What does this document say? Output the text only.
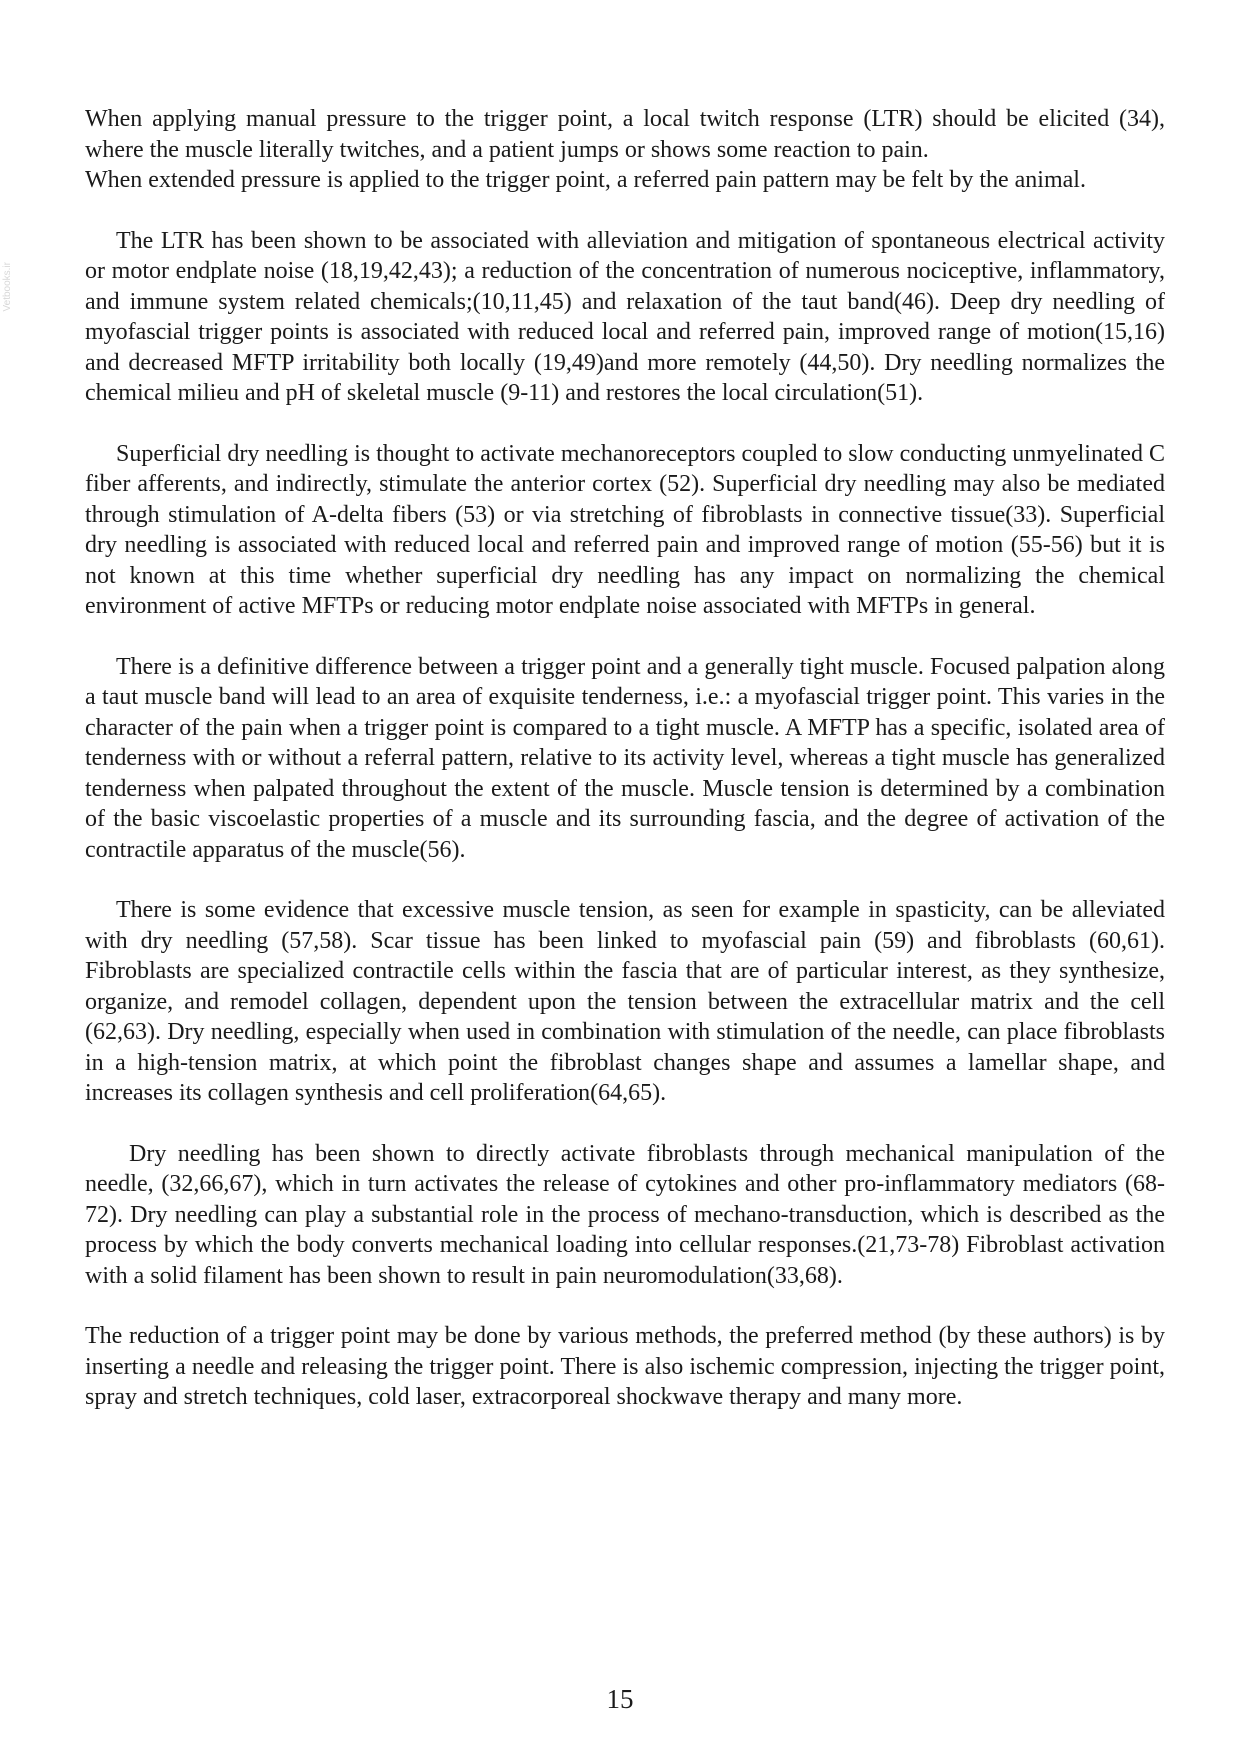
Vetbooks.ir

When applying manual pressure to the trigger point, a local twitch response (LTR) should be elicited (34), where the muscle literally twitches, and a patient jumps or shows some reaction to pain.
When extended pressure is applied to the trigger point, a referred pain pattern may be felt by the animal.

The LTR has been shown to be associated with alleviation and mitigation of spontaneous electrical activity or motor endplate noise (18,19,42,43); a reduction of the concentration of numerous nociceptive, inflammatory, and immune system related chemicals;(10,11,45) and relaxation of the taut band(46). Deep dry needling of myofascial trigger points is associated with reduced local and referred pain, improved range of motion(15,16) and decreased MFTP irritability both locally (19,49)and more remotely (44,50). Dry needling normalizes the chemical milieu and pH of skeletal muscle (9-11) and restores the local circulation(51).

Superficial dry needling is thought to activate mechanoreceptors coupled to slow conducting unmyelinated C fiber afferents, and indirectly, stimulate the anterior cortex (52). Superficial dry needling may also be mediated through stimulation of A-delta fibers (53) or via stretching of fibroblasts in connective tissue(33). Superficial dry needling is associated with reduced local and referred pain and improved range of motion (55-56) but it is not known at this time whether superficial dry needling has any impact on normalizing the chemical environment of active MFTPs or reducing motor endplate noise associated with MFTPs in general.

There is a definitive difference between a trigger point and a generally tight muscle. Focused palpation along a taut muscle band will lead to an area of exquisite tenderness, i.e.: a myofascial trigger point. This varies in the character of the pain when a trigger point is compared to a tight muscle. A MFTP has a specific, isolated area of tenderness with or without a referral pattern, relative to its activity level, whereas a tight muscle has generalized tenderness when palpated throughout the extent of the muscle. Muscle tension is determined by a combination of the basic viscoelastic properties of a muscle and its surrounding fascia, and the degree of activation of the contractile apparatus of the muscle(56).

There is some evidence that excessive muscle tension, as seen for example in spasticity, can be alleviated with dry needling (57,58). Scar tissue has been linked to myofascial pain (59) and fibroblasts (60,61). Fibroblasts are specialized contractile cells within the fascia that are of particular interest, as they synthesize, organize, and remodel collagen, dependent upon the tension between the extracellular matrix and the cell (62,63). Dry needling, especially when used in combination with stimulation of the needle, can place fibroblasts in a high-tension matrix, at which point the fibroblast changes shape and assumes a lamellar shape, and increases its collagen synthesis and cell proliferation(64,65).

Dry needling has been shown to directly activate fibroblasts through mechanical manipulation of the needle, (32,66,67), which in turn activates the release of cytokines and other pro-inflammatory mediators (68-72). Dry needling can play a substantial role in the process of mechano-transduction, which is described as the process by which the body converts mechanical loading into cellular responses.(21,73-78) Fibroblast activation with a solid filament has been shown to result in pain neuromodulation(33,68).

The reduction of a trigger point may be done by various methods, the preferred method (by these authors) is by inserting a needle and releasing the trigger point. There is also ischemic compression, injecting the trigger point, spray and stretch techniques, cold laser, extracorporeal shockwave therapy and many more.

15
